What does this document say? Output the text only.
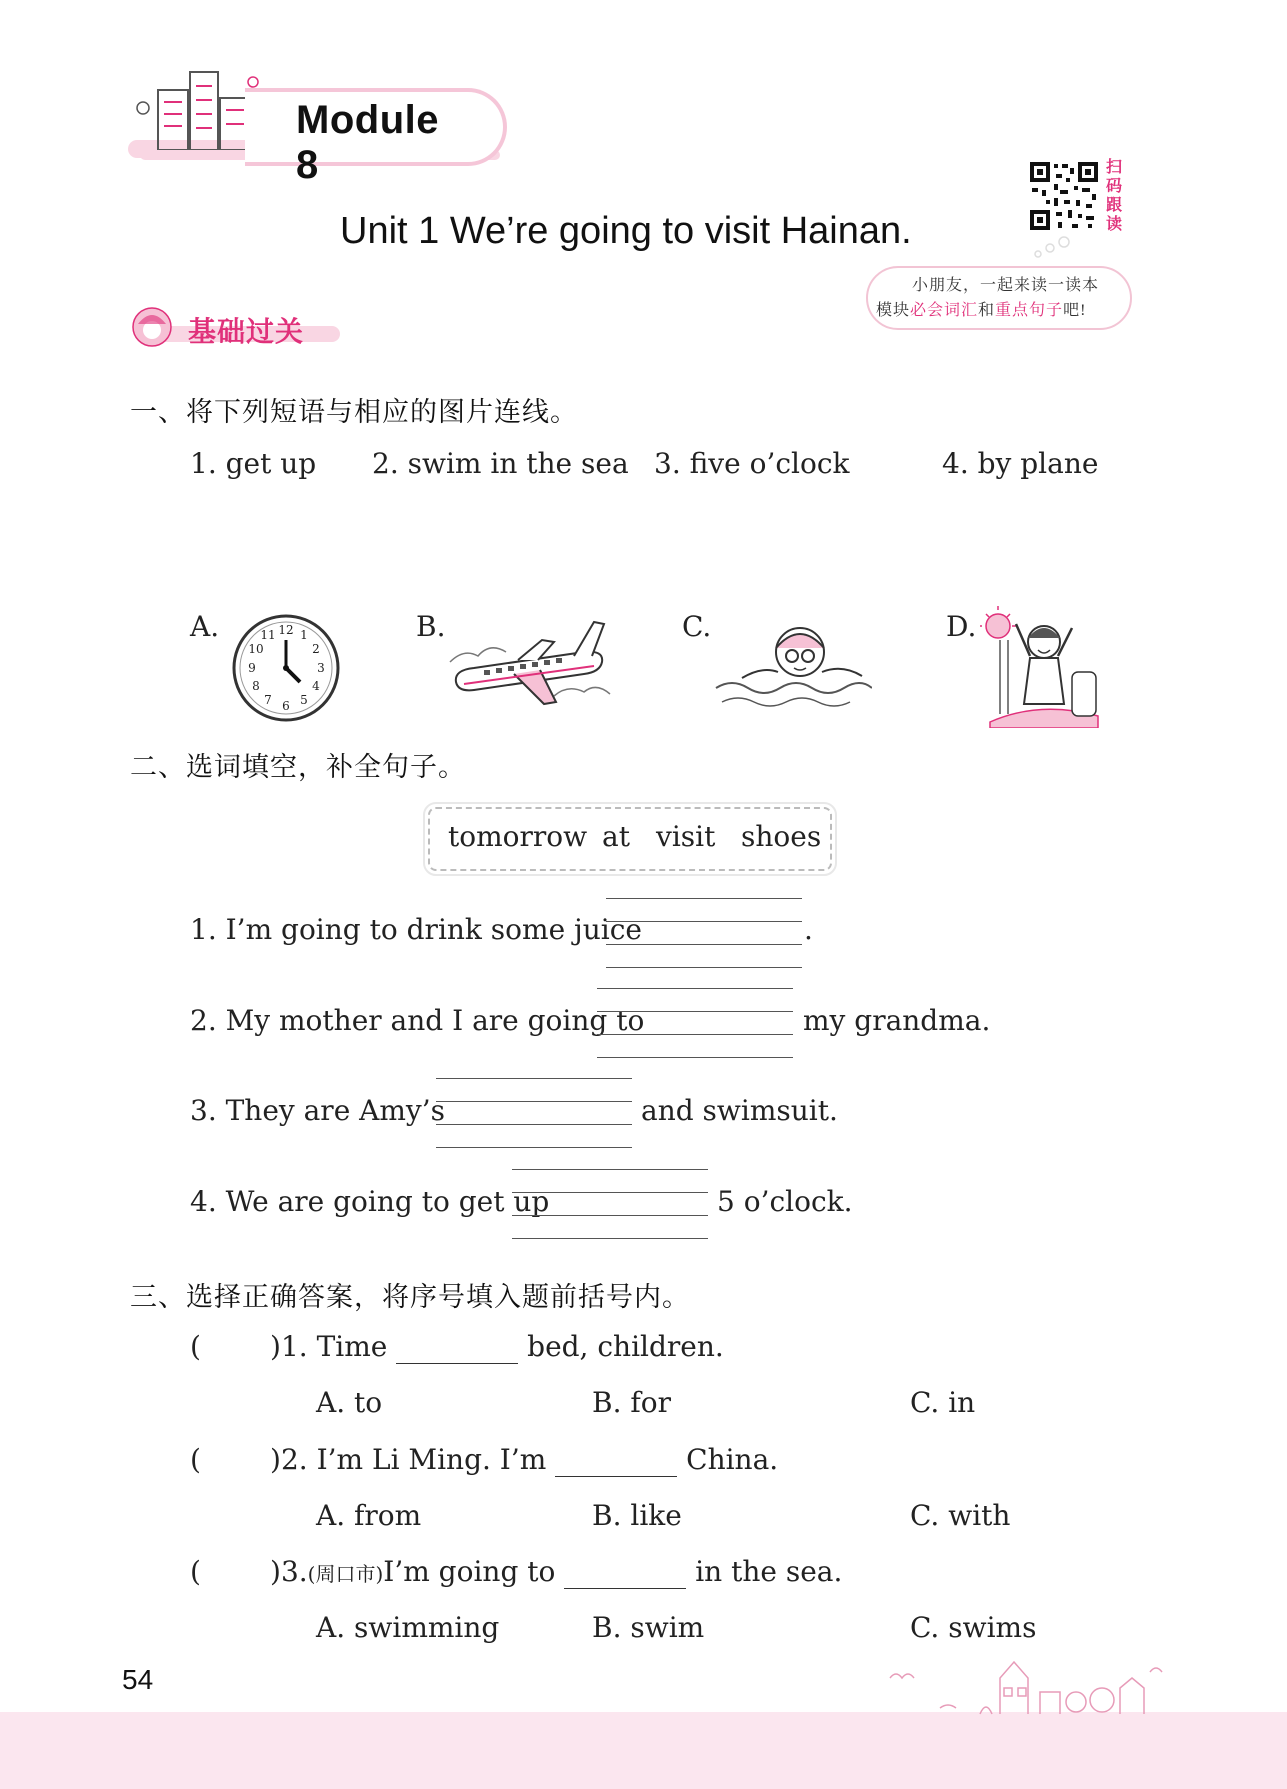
Module 8
Unit 1 We’re going to visit Hainan.
扫
码
跟
读
小朋友，一起来读一读本
模块必会词汇和重点句子吧!
基础过关
一、将下列短语与相应的图片连线。
1. get up 2. swim in the sea 3. five o’clock	4. by plane
A.	B.	C.	D.
12 1
2
3
4
5
6
7
8
9
10
11
二、选词填空，补全句子。
tomorrow at visit shoes
1. I’m going to drink some juice	.
2. My mother and I are going to	my grandma.
3. They are Amy’s	and swimsuit.
4. We are going to get up	5 o’clock.
三、选择正确答案，将序号填入题前括号内。
( )1. Time	bed, children.
A. to	B. for	C. in
( )2. I’m Li Ming. I’m	China.
A. from	B. like	C. with
( )3.(周口市)I’m going to	in the sea.
A. swimming	B. swim	C. swims
54
